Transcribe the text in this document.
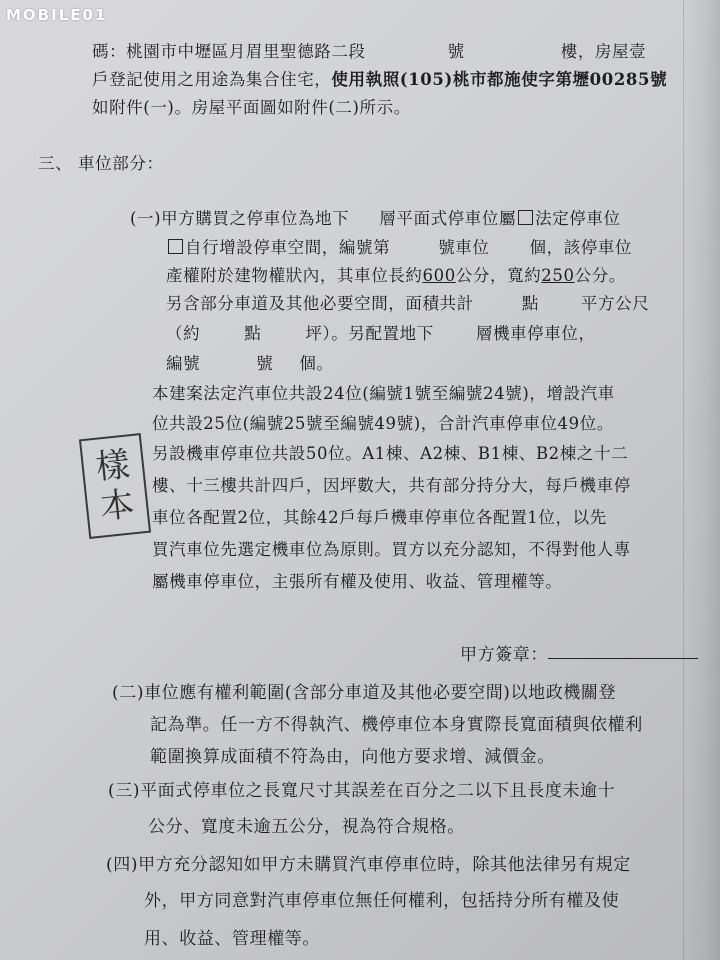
MOBILE01
樣
本
碼：桃園市中壢區月眉里聖德路二段	號	樓，房屋壹
戶登記使用之用途為集合住宅，使用執照(105)桃市都施使字第壢00285號
如附件(一)。房屋平面圖如附件(二)所示。
三、 車位部分：
(一)甲方購買之停車位為地下 層平面式停車位屬 法定停車位
自行增設停車空間，編號第	號車位 個，該停車位
產權附於建物權狀內，其車位長約600公分，寬約250公分。
另含部分車道及其他必要空間，面積共計	點	平方公尺
（約	點	坪）。另配置地下	層機車停車位，
編號	號 個。
本建案法定汽車位共設24位(編號1號至編號24號)，增設汽車
位共設25位(編號25號至編號49號)，合計汽車停車位49位。
另設機車停車位共設50位。A1棟、A2棟、B1棟、B2棟之十二
樓、十三樓共計四戶，因坪數大，共有部分持分大，每戶機車停
車位各配置2位，其餘42戶每戶機車停車位各配置1位，以先
買汽車位先選定機車位為原則。買方以充分認知，不得對他人專
屬機車停車位，主張所有權及使用、收益、管理權等。
甲方簽章：
(二)車位應有權利範圍(含部分車道及其他必要空間)以地政機關登
記為準。任一方不得執汽、機停車位本身實際長寬面積與依權利
範圍換算成面積不符為由，向他方要求增、減價金。
(三)平面式停車位之長寬尺寸其誤差在百分之二以下且長度未逾十
公分、寬度未逾五公分，視為符合規格。
(四)甲方充分認知如甲方未購買汽車停車位時，除其他法律另有規定
外，甲方同意對汽車停車位無任何權利，包括持分所有權及使
用、收益、管理權等。
